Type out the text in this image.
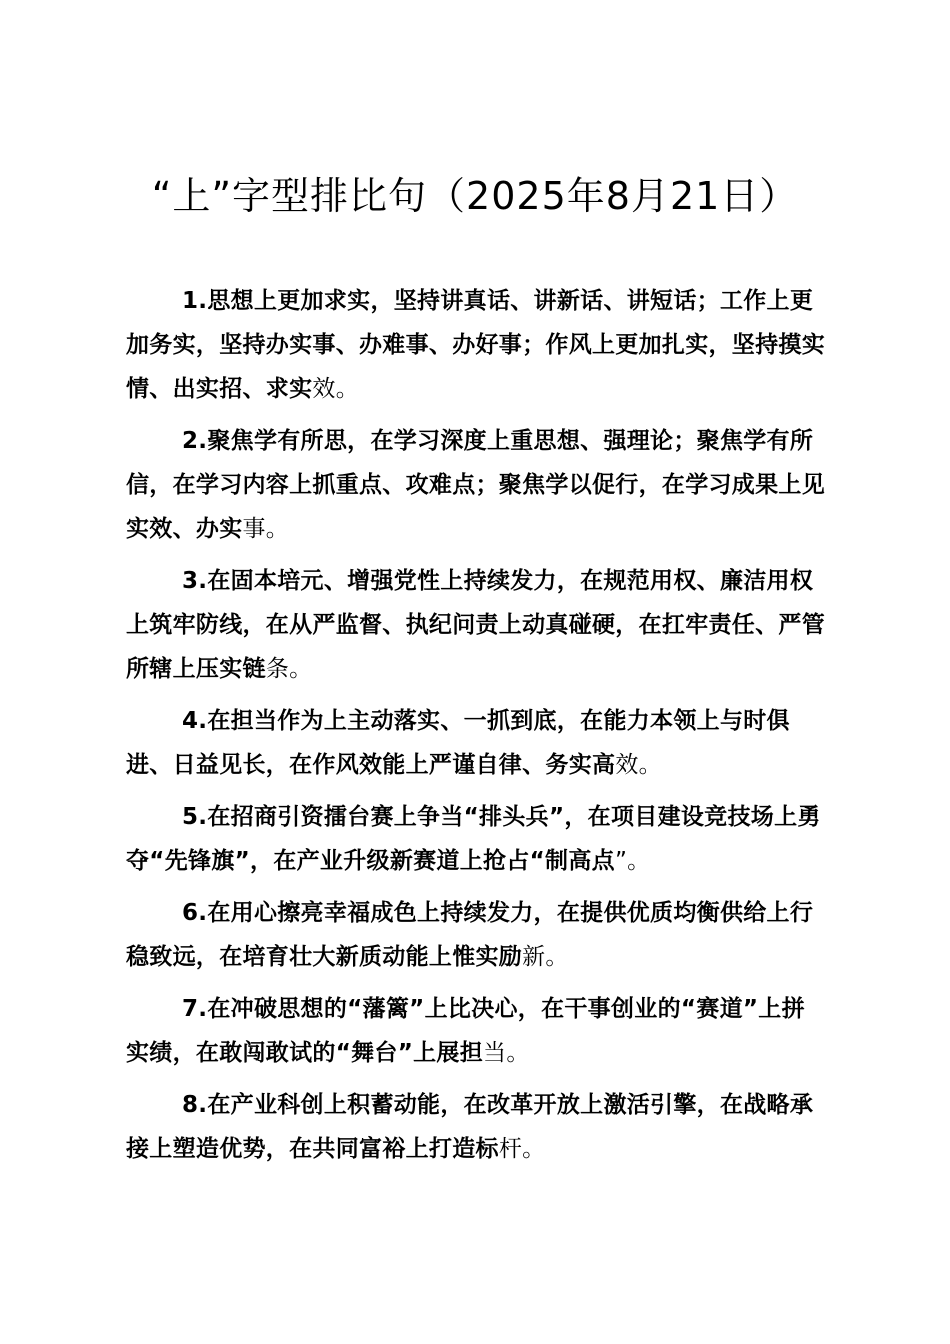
“上”字型排比句（2025年8月21日）

1.思想上更加求实，坚持讲真话、讲新话、讲短话；工作上更加务实，坚持办实事、办难事、办好事；作风上更加扎实，坚持摸实情、出实招、求实效。

2.聚焦学有所思，在学习深度上重思想、强理论；聚焦学有所信，在学习内容上抓重点、攻难点；聚焦学以促行，在学习成果上见实效、办实事。

3.在固本培元、增强党性上持续发力，在规范用权、廉洁用权上筑牢防线，在从严监督、执纪问责上动真碰硬，在扛牢责任、严管所辖上压实链条。

4.在担当作为上主动落实、一抓到底，在能力本领上与时俱进、日益见长，在作风效能上严谨自律、务实高效。

5.在招商引资擂台赛上争当“排头兵”，在项目建设竞技场上勇夺“先锋旗”，在产业升级新赛道上抢占“制高点”。

6.在用心擦亮幸福成色上持续发力，在提供优质均衡供给上行稳致远，在培育壮大新质动能上惟实励新。

7.在冲破思想的“藩篱”上比决心，在干事创业的“赛道”上拼实绩，在敢闯敢试的“舞台”上展担当。

8.在产业科创上积蓄动能，在改革开放上激活引擎，在战略承接上塑造优势，在共同富裕上打造标杆。
